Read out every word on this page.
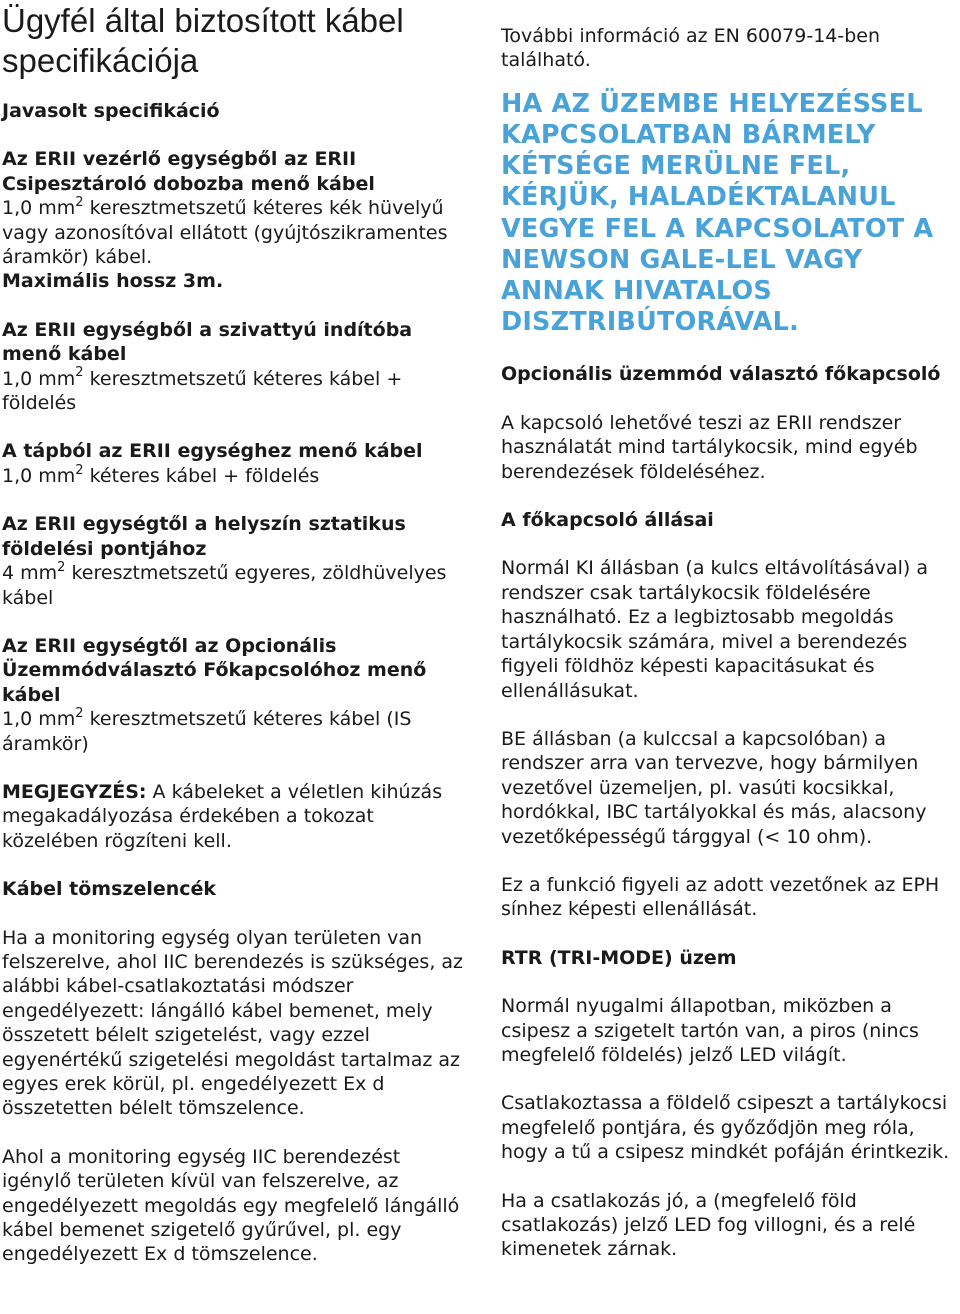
Ügyfél által biztosított kábel specifikációja

Javasolt specifikáció

Az ERII vezérlő egységből az ERII Csipesztároló dobozba menő kábel

1,0 $mm^2$ keresztmetszetű kéteres kék hüvelyű vagy azonosítóval ellátott (gyújtószikramentes áramkör) kábel.

Maximális hossz 3m.

Az ERII egységből a szivattyú indítóba menő kábel

1,0 $mm^2$ keresztmetszetű kéteres kábel + földelés

A tápból az ERII egységhez menő kábel

1,0 $mm^2$ kéteres kábel + földelés

Az ERII egységtől a helyszín sztatikus földelési pontjához

4 $mm^2$ keresztmetszetű egyeres, zöldhüvelyes kábel

Az ERII egységtől az Opcionális Üzemmódválasztó Főkapcsolóhoz menő kábel

1,0 $mm^2$ keresztmetszetű kéteres kábel (IS áramkör)

MEGJEGYZÉS: A kábeleket a véletlen kihúzás megakadályozása érdekében a tokozat közelében rögzíteni kell.

Kábel tömszelencék

Ha a monitoring egység olyan területen van felszerelve, ahol IIC berendezés is szükséges, az alábbi kábel-csatlakoztatási módszer engedélyezett: lángálló kábel bemenet, mely összetett bélelt szigetelést, vagy ezzel egyenértékű szigetelési megoldást tartalmaz az egyes erek körül, pl. engedélyezett Ex d összetetten bélelt tömszelence.

Ahol a monitoring egység IIC berendezést igénylő területen kívül van felszerelve, az engedélyezett megoldás egy megfelelő lángálló kábel bemenet szigetelő gyűrűvel, pl. egy engedélyezett Ex d tömszelence.

További információ az EN 60079-14-ben található.

HA AZ ÜZEMBE HELYEZÉSSEL KAPCSOLATBAN BÁRMELY KÉTSÉGE MERÜLNE FEL, KÉRJÜK, HALADÉKTALANUL VEGYE FEL A KAPCSOLATOT A NEWSON GALE-LEL VAGY ANNAK HIVATALOS DISZTRIBÚTORÁVAL.

Opcionális üzemmód választó főkapcsoló

A kapcsoló lehetővé teszi az ERII rendszer használatát mind tartálykocsik, mind egyéb berendezések földeléséhez.

A főkapcsoló állásai

Normál KI állásban (a kulcs eltávolításával) a rendszer csak tartálykocsik földelésére használható. Ez a legbiztosabb megoldás tartálykocsik számára, mivel a berendezés figyeli földhöz képesti kapacitásukat és ellenállásukat.

BE állásban (a kulccsal a kapcsolóban) a rendszer arra van tervezve, hogy bármilyen vezetővel üzemeljen, pl. vasúti kocsikkal, hordókkal, IBC tartályokkal és más, alacsony vezetőképességű tárggyal (< 10 ohm).

Ez a funkció figyeli az adott vezetőnek az EPH sínhez képesti ellenállását.

RTR (TRI-MODE) üzem

Normál nyugalmi állapotban, miközben a csipesz a szigetelt tartón van, a piros (nincs megfelelő földelés) jelző LED világít.

Csatlakoztassa a földelő csipeszt a tartálykocsi megfelelő pontjára, és győződjön meg róla, hogy a tű a csipesz mindkét pofáján érintkezik.

Ha a csatlakozás jó, a (megfelelő föld csatlakozás) jelző LED fog villogni, és a relé kimenetek zárnak.
